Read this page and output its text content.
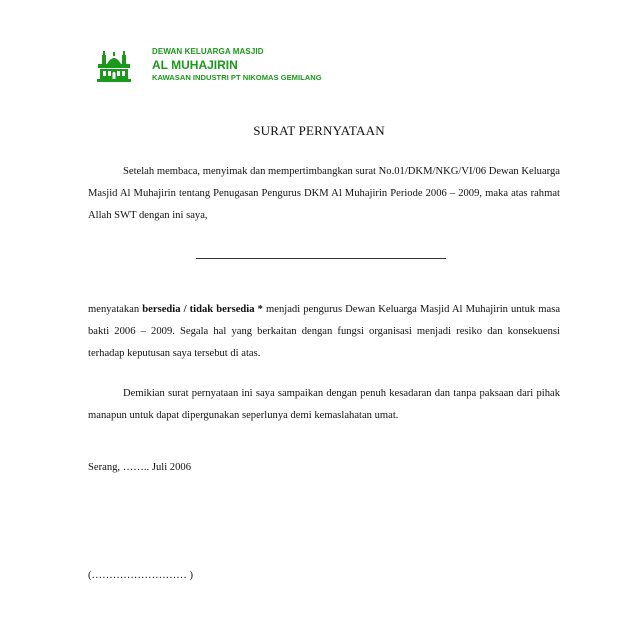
DEWAN KELUARGA MASJID
AL MUHAJIRIN
KAWASAN INDUSTRI PT NIKOMAS GEMILANG
SURAT PERNYATAAN

Setelah membaca, menyimak dan mempertimbangkan surat No.01/DKM/NKG/VI/06 Dewan Keluarga Masjid Al Muhajirin tentang Penugasan Pengurus DKM Al Muhajirin Periode 2006 – 2009, maka atas rahmat Allah SWT dengan ini saya,

menyatakan bersedia / tidak bersedia * menjadi pengurus Dewan Keluarga Masjid Al Muhajirin untuk masa bakti 2006 – 2009. Segala hal yang berkaitan dengan fungsi organisasi menjadi resiko dan konsekuensi terhadap keputusan saya tersebut di atas.

Demikian surat pernyataan ini saya sampaikan dengan penuh kesadaran dan tanpa paksaan dari pihak manapun untuk dapat dipergunakan seperlunya demi kemaslahatan umat.

Serang, …….. Juli 2006
(……………………… )
